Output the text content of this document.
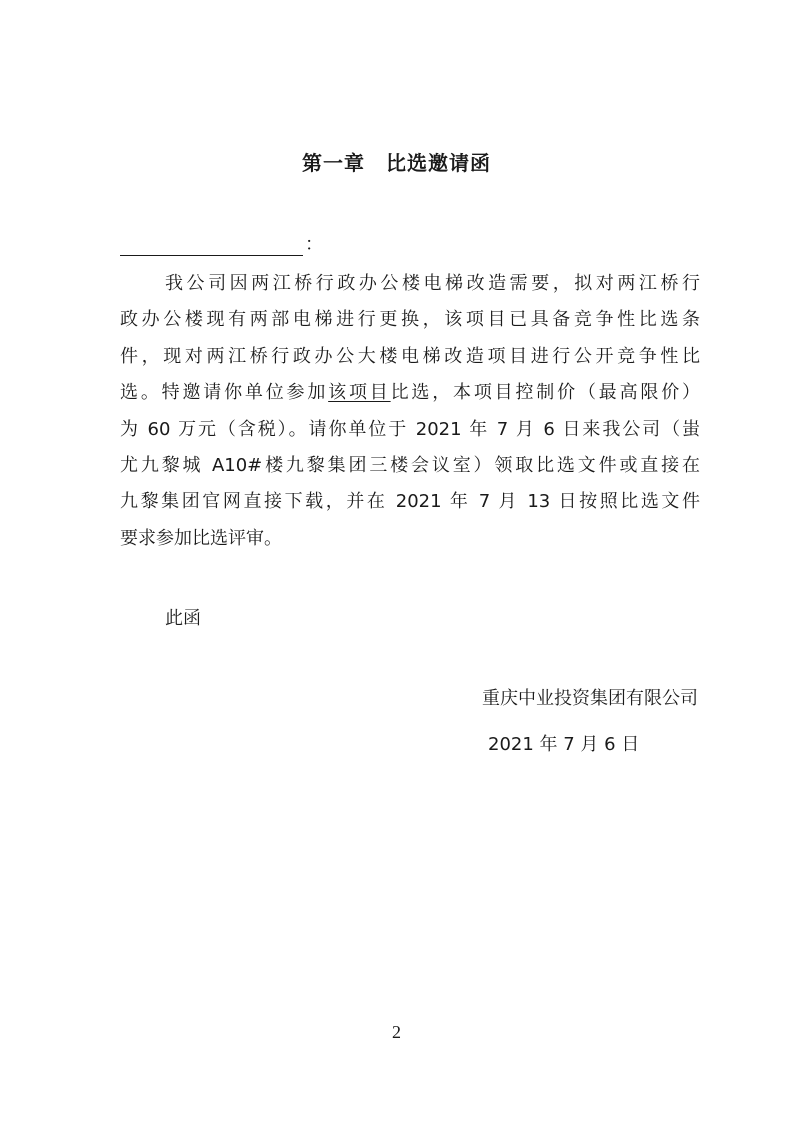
第一章　比选邀请函
：
我公司因两江桥行政办公楼电梯改造需要，拟对两江桥行
政办公楼现有两部电梯进行更换，该项目已具备竞争性比选条
件，现对两江桥行政办公大楼电梯改造项目进行公开竞争性比
选。特邀请你单位参加该项目比选，本项目控制价（最高限价）
为 60 万元（含税）。请你单位于 2021 年 7 月 6 日来我公司（蚩
尤九黎城 A10#楼九黎集团三楼会议室）领取比选文件或直接在
九黎集团官网直接下载，并在 2021 年 7 月 13 日按照比选文件
要求参加比选评审。
此函
重庆中业投资集团有限公司
2021 年 7 月 6 日
2
